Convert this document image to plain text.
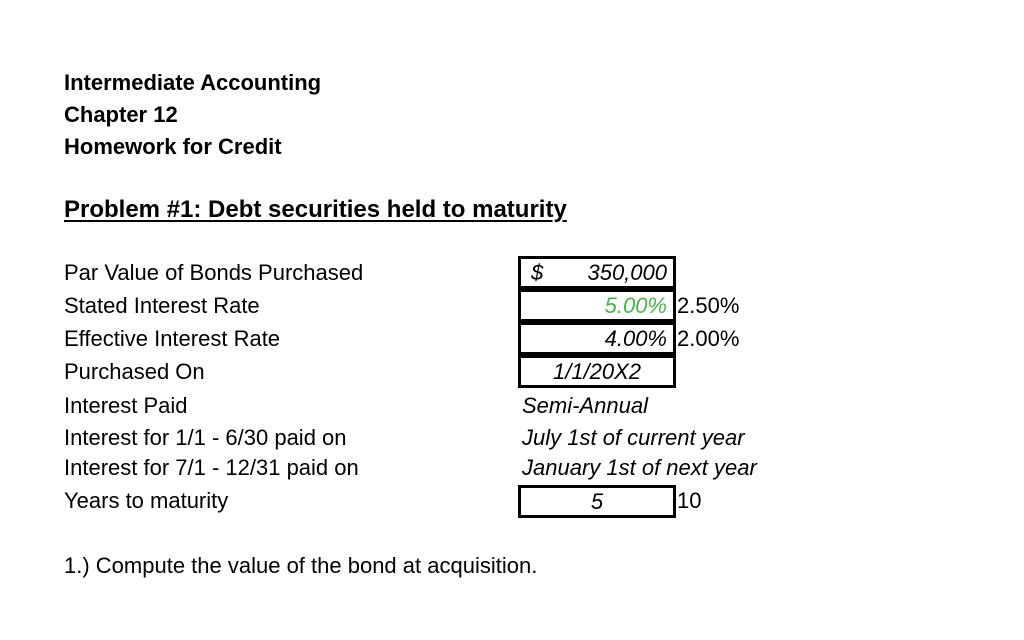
Intermediate Accounting
Chapter 12
Homework for Credit
Problem #1: Debt securities held to maturity
Par Value of Bonds Purchased
Stated Interest Rate
Effective Interest Rate
Purchased On
Interest Paid
Interest for 1/1 - 6/30 paid on
Interest for 7/1 - 12/31 paid on
Years to maturity
$ 350,000
5.00%
4.00%
1/1/20X2
Semi-Annual
July 1st of current year
January 1st of next year
5
2.50%
2.00%
10
1.) Compute the value of the bond at acquisition.
